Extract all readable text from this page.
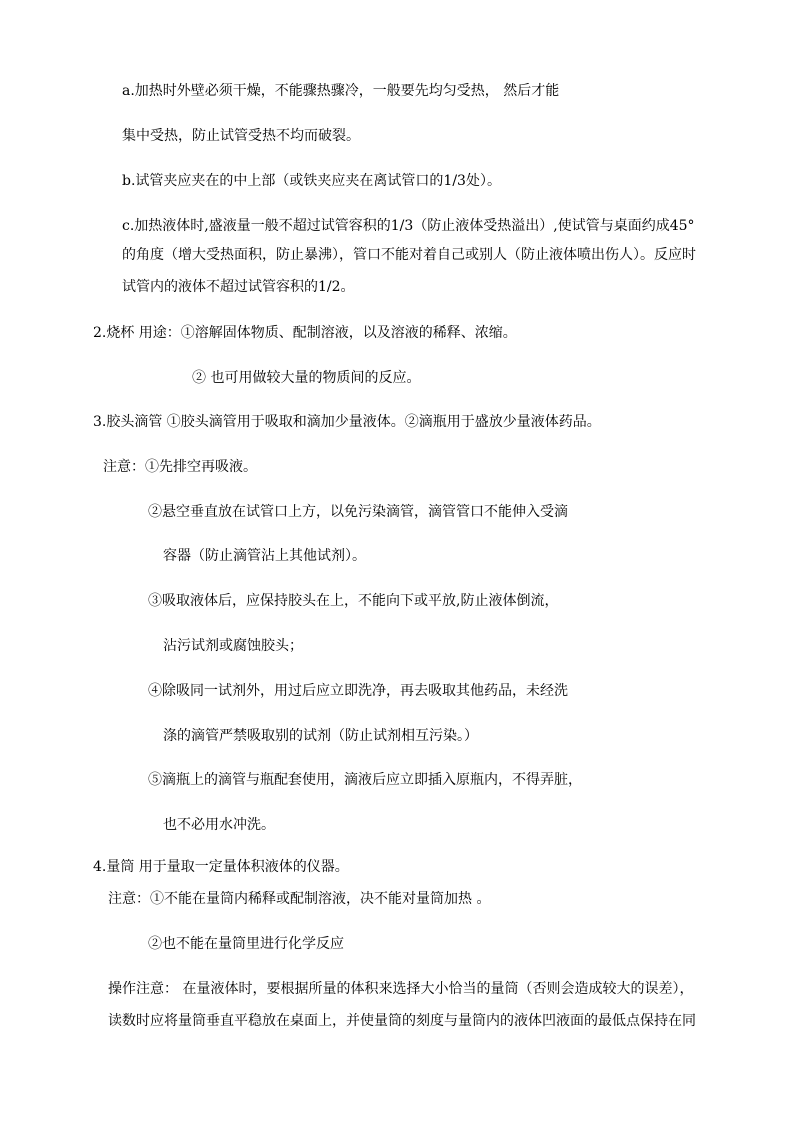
a.加热时外壁必须干燥，不能骤热骤冷，一般要先均匀受热， 然后才能
集中受热，防止试管受热不均而破裂。
b.试管夹应夹在的中上部（或铁夹应夹在离试管口的1/3处）。
c.加热液体时,盛液量一般不超过试管容积的1/3（防止液体受热溢出）,使试管与桌面约成45°
的角度（增大受热面积，防止暴沸），管口不能对着自己或别人（防止液体喷出伤人）。反应时
试管内的液体不超过试管容积的1/2。
2.烧杯 用途：①溶解固体物质、配制溶液，以及溶液的稀释、浓缩。
② 也可用做较大量的物质间的反应。
3.胶头滴管 ①胶头滴管用于吸取和滴加少量液体。②滴瓶用于盛放少量液体药品。
注意：①先排空再吸液。
②悬空垂直放在试管口上方，以免污染滴管，滴管管口不能伸入受滴
容器（防止滴管沾上其他试剂）。
③吸取液体后，应保持胶头在上，不能向下或平放,防止液体倒流，
沾污试剂或腐蚀胶头；
④除吸同一试剂外，用过后应立即洗净，再去吸取其他药品，未经洗
涤的滴管严禁吸取别的试剂（防止试剂相互污染。）
⑤滴瓶上的滴管与瓶配套使用，滴液后应立即插入原瓶内，不得弄脏，
也不必用水冲洗。
4.量筒 用于量取一定量体积液体的仪器。
注意：①不能在量筒内稀释或配制溶液，决不能对量筒加热 。
②也不能在量筒里进行化学反应
操作注意： 在量液体时，要根据所量的体积来选择大小恰当的量筒（否则会造成较大的误差），
读数时应将量筒垂直平稳放在桌面上，并使量筒的刻度与量筒内的液体凹液面的最低点保持在同
